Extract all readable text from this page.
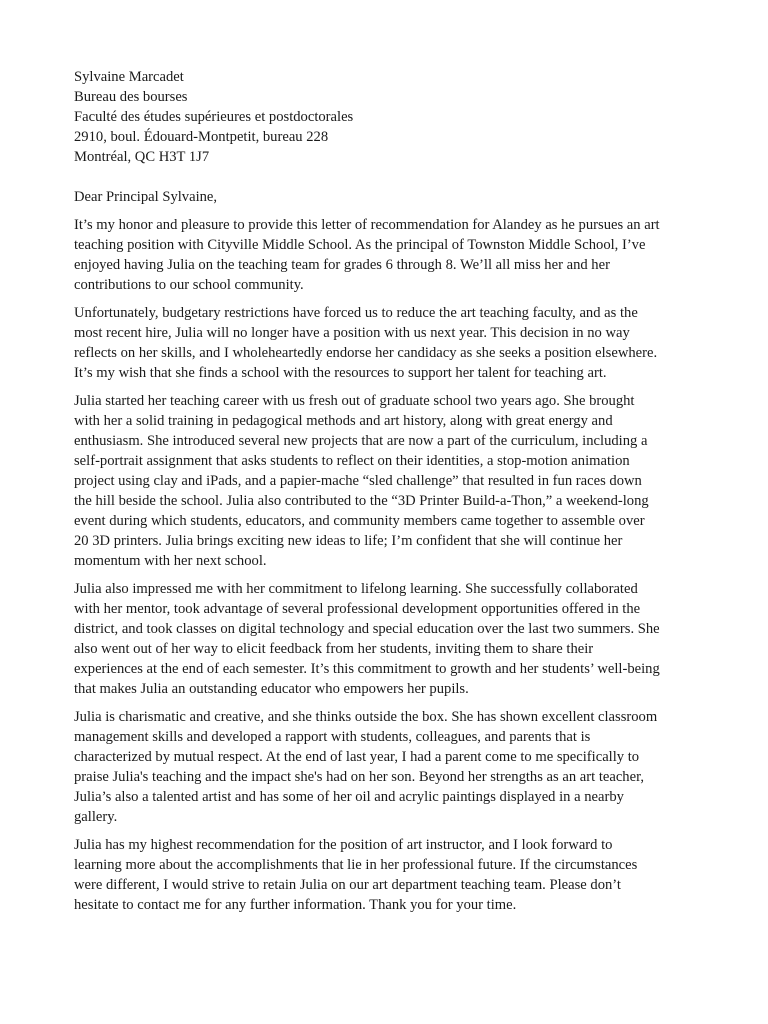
Sylvaine Marcadet
Bureau des bourses
Faculté des études supérieures et postdoctorales
2910, boul. Édouard-Montpetit, bureau 228
Montréal, QC H3T 1J7
Dear Principal Sylvaine,
It’s my honor and pleasure to provide this letter of recommendation for Alandey as he pursues an art
teaching position with Cityville Middle School. As the principal of Townston Middle School, I’ve
enjoyed having Julia on the teaching team for grades 6 through 8. We’ll all miss her and her
contributions to our school community.
Unfortunately, budgetary restrictions have forced us to reduce the art teaching faculty, and as the
most recent hire, Julia will no longer have a position with us next year. This decision in no way
reflects on her skills, and I wholeheartedly endorse her candidacy as she seeks a position elsewhere.
It’s my wish that she finds a school with the resources to support her talent for teaching art.
Julia started her teaching career with us fresh out of graduate school two years ago. She brought
with her a solid training in pedagogical methods and art history, along with great energy and
enthusiasm. She introduced several new projects that are now a part of the curriculum, including a
self-portrait assignment that asks students to reflect on their identities, a stop-motion animation
project using clay and iPads, and a papier-mache “sled challenge” that resulted in fun races down
the hill beside the school. Julia also contributed to the “3D Printer Build-a-Thon,” a weekend-long
event during which students, educators, and community members came together to assemble over
20 3D printers. Julia brings exciting new ideas to life; I’m confident that she will continue her
momentum with her next school.
Julia also impressed me with her commitment to lifelong learning. She successfully collaborated
with her mentor, took advantage of several professional development opportunities offered in the
district, and took classes on digital technology and special education over the last two summers. She
also went out of her way to elicit feedback from her students, inviting them to share their
experiences at the end of each semester. It’s this commitment to growth and her students’ well-being
that makes Julia an outstanding educator who empowers her pupils.
Julia is charismatic and creative, and she thinks outside the box. She has shown excellent classroom
management skills and developed a rapport with students, colleagues, and parents that is
characterized by mutual respect. At the end of last year, I had a parent come to me specifically to
praise Julia's teaching and the impact she's had on her son. Beyond her strengths as an art teacher,
Julia’s also a talented artist and has some of her oil and acrylic paintings displayed in a nearby
gallery.
Julia has my highest recommendation for the position of art instructor, and I look forward to
learning more about the accomplishments that lie in her professional future. If the circumstances
were different, I would strive to retain Julia on our art department teaching team. Please don’t
hesitate to contact me for any further information. Thank you for your time.
